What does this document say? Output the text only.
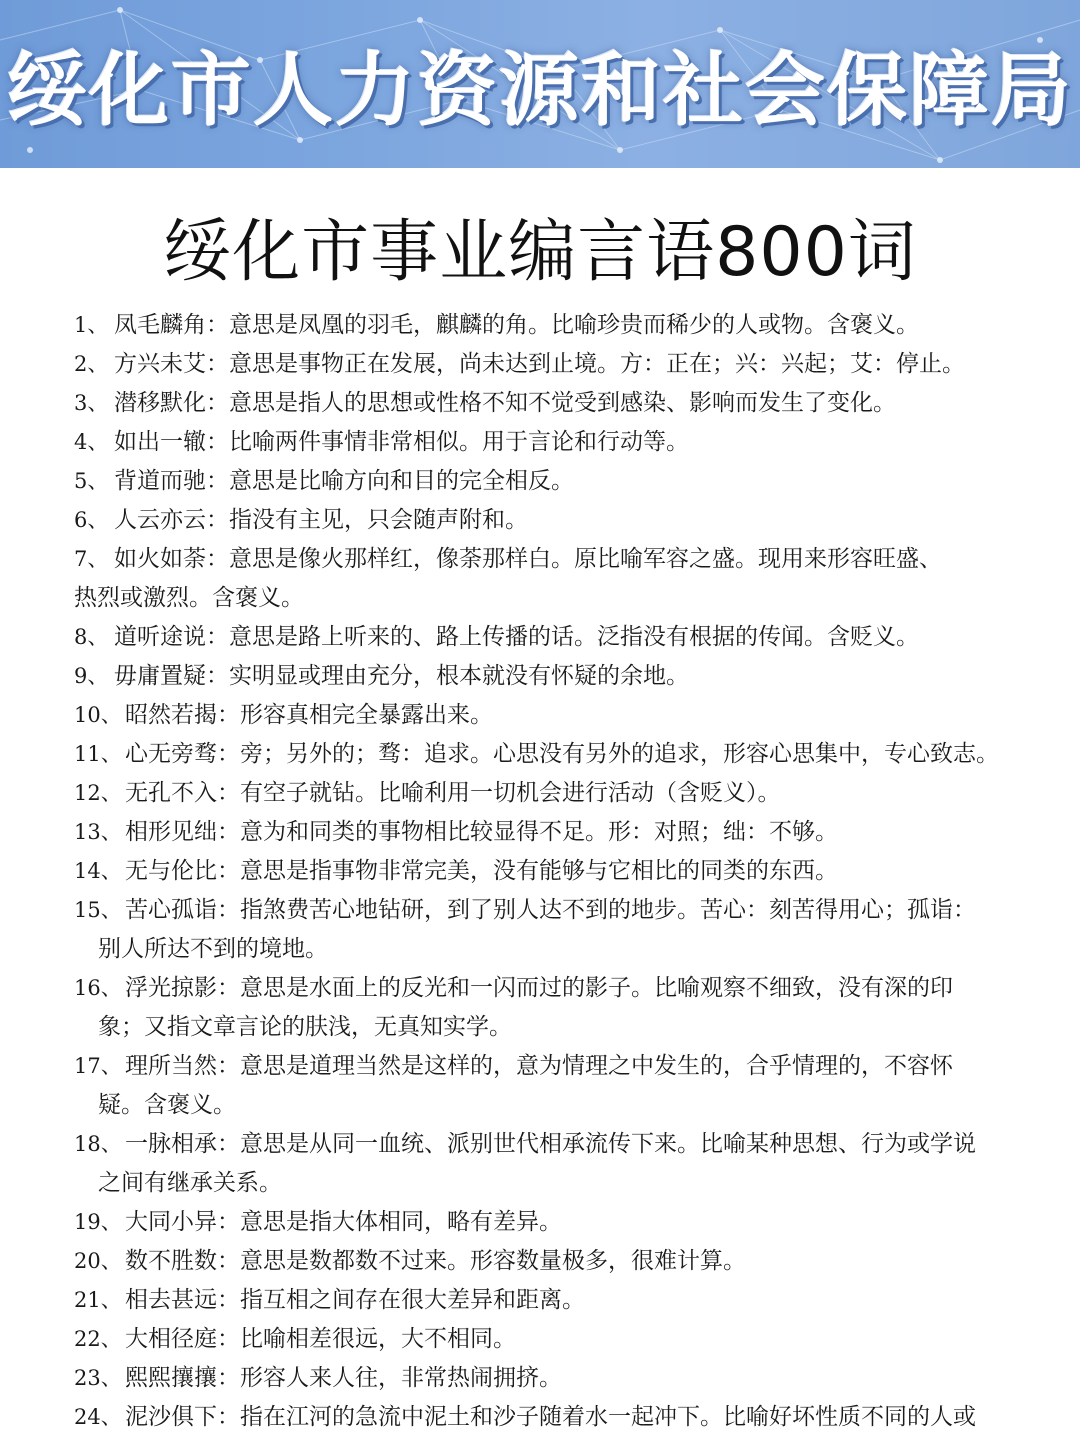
绥化市人力资源和社会保障局
绥化市事业编言语800词
1、 凤毛麟角：意思是凤凰的羽毛，麒麟的角。比喻珍贵而稀少的人或物。含褒义。
2、 方兴未艾：意思是事物正在发展，尚未达到止境。方：正在；兴：兴起；艾：停止。
3、 潜移默化：意思是指人的思想或性格不知不觉受到感染、影响而发生了变化。
4、 如出一辙：比喻两件事情非常相似。用于言论和行动等。
5、 背道而驰：意思是比喻方向和目的完全相反。
6、 人云亦云：指没有主见，只会随声附和。
7、 如火如荼：意思是像火那样红，像荼那样白。原比喻军容之盛。现用来形容旺盛、
热烈或激烈。含褒义。
8、 道听途说：意思是路上听来的、路上传播的话。泛指没有根据的传闻。含贬义。
9、 毋庸置疑：实明显或理由充分，根本就没有怀疑的余地。
10、 昭然若揭：形容真相完全暴露出来。
11、 心无旁骛：旁；另外的；骛：追求。心思没有另外的追求，形容心思集中，专心致志。
12、 无孔不入：有空子就钻。比喻利用一切机会进行活动（含贬义）。
13、 相形见绌：意为和同类的事物相比较显得不足。形：对照；绌：不够。
14、 无与伦比：意思是指事物非常完美，没有能够与它相比的同类的东西。
15、 苦心孤诣：指煞费苦心地钻研，到了别人达不到的地步。苦心：刻苦得用心；孤诣：
别人所达不到的境地。
16、 浮光掠影：意思是水面上的反光和一闪而过的影子。比喻观察不细致，没有深的印
象；又指文章言论的肤浅，无真知实学。
17、 理所当然：意思是道理当然是这样的，意为情理之中发生的，合乎情理的，不容怀
疑。含褒义。
18、 一脉相承：意思是从同一血统、派别世代相承流传下来。比喻某种思想、行为或学说
之间有继承关系。
19、 大同小异：意思是指大体相同，略有差异。
20、 数不胜数：意思是数都数不过来。形容数量极多，很难计算。
21、 相去甚远：指互相之间存在很大差异和距离。
22、 大相径庭：比喻相差很远，大不相同。
23、 熙熙攘攘：形容人来人往，非常热闹拥挤。
24、 泥沙俱下：指在江河的急流中泥土和沙子随着水一起冲下。比喻好坏性质不同的人或
